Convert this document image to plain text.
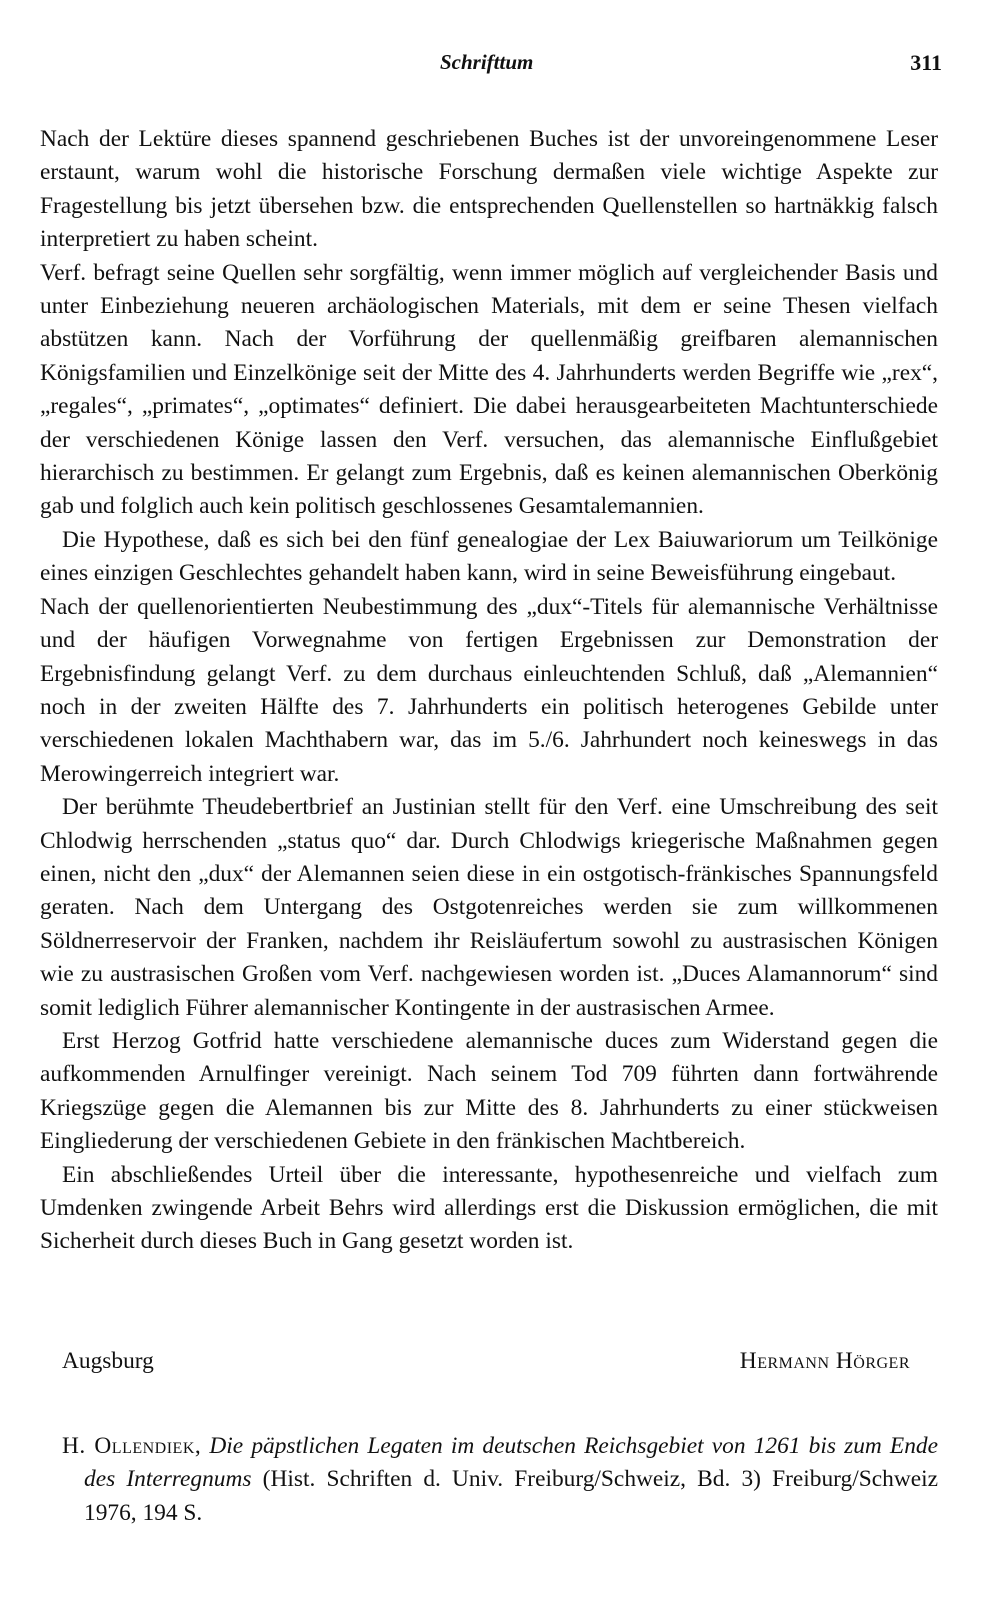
Schrifttum	311

Nach der Lektüre dieses spannend geschriebenen Buches ist der unvoreingenommene Leser erstaunt, warum wohl die historische Forschung dermaßen viele wichtige Aspekte zur Fragestellung bis jetzt übersehen bzw. die entsprechenden Quellenstellen so hartnäkkig falsch interpretiert zu haben scheint.

Verf. befragt seine Quellen sehr sorgfältig, wenn immer möglich auf vergleichender Basis und unter Einbeziehung neueren archäologischen Materials, mit dem er seine Thesen vielfach abstützen kann. Nach der Vorführung der quellenmäßig greifbaren alemannischen Königsfamilien und Einzelkönige seit der Mitte des 4. Jahrhunderts werden Begriffe wie „rex“, „regales“, „primates“, „optimates“ definiert. Die dabei herausgearbeiteten Machtunterschiede der verschiedenen Könige lassen den Verf. versuchen, das alemannische Einflußgebiet hierarchisch zu bestimmen. Er gelangt zum Ergebnis, daß es keinen alemannischen Oberkönig gab und folglich auch kein politisch geschlossenes Gesamtalemannien.

Die Hypothese, daß es sich bei den fünf genealogiae der Lex Baiuwariorum um Teilkönige eines einzigen Geschlechtes gehandelt haben kann, wird in seine Beweisführung eingebaut.

Nach der quellenorientierten Neubestimmung des „dux“-Titels für alemannische Verhältnisse und der häufigen Vorwegnahme von fertigen Ergebnissen zur Demonstration der Ergebnisfindung gelangt Verf. zu dem durchaus einleuchtenden Schluß, daß „Alemannien“ noch in der zweiten Hälfte des 7. Jahrhunderts ein politisch heterogenes Gebilde unter verschiedenen lokalen Machthabern war, das im 5./6. Jahrhundert noch keineswegs in das Merowingerreich integriert war.

Der berühmte Theudebertbrief an Justinian stellt für den Verf. eine Umschreibung des seit Chlodwig herrschenden „status quo“ dar. Durch Chlodwigs kriegerische Maßnahmen gegen einen, nicht den „dux“ der Alemannen seien diese in ein ostgotisch-fränkisches Spannungsfeld geraten. Nach dem Untergang des Ostgotenreiches werden sie zum willkommenen Söldnerreservoir der Franken, nachdem ihr Reisläufertum sowohl zu austrasischen Königen wie zu austrasischen Großen vom Verf. nachgewiesen worden ist. „Duces Alamannorum“ sind somit lediglich Führer alemannischer Kontingente in der austrasischen Armee.

Erst Herzog Gotfrid hatte verschiedene alemannische duces zum Widerstand gegen die aufkommenden Arnulfinger vereinigt. Nach seinem Tod 709 führten dann fortwährende Kriegszüge gegen die Alemannen bis zur Mitte des 8. Jahrhunderts zu einer stückweisen Eingliederung der verschiedenen Gebiete in den fränkischen Machtbereich.

Ein abschließendes Urteil über die interessante, hypothesenreiche und vielfach zum Umdenken zwingende Arbeit Behrs wird allerdings erst die Diskussion ermöglichen, die mit Sicherheit durch dieses Buch in Gang gesetzt worden ist.

Augsburg	Hermann Hörger
H. Ollendiek, Die päpstlichen Legaten im deutschen Reichsgebiet von 1261 bis zum Ende des Interregnums (Hist. Schriften d. Univ. Freiburg/Schweiz, Bd. 3) Freiburg/Schweiz 1976, 194 S.
